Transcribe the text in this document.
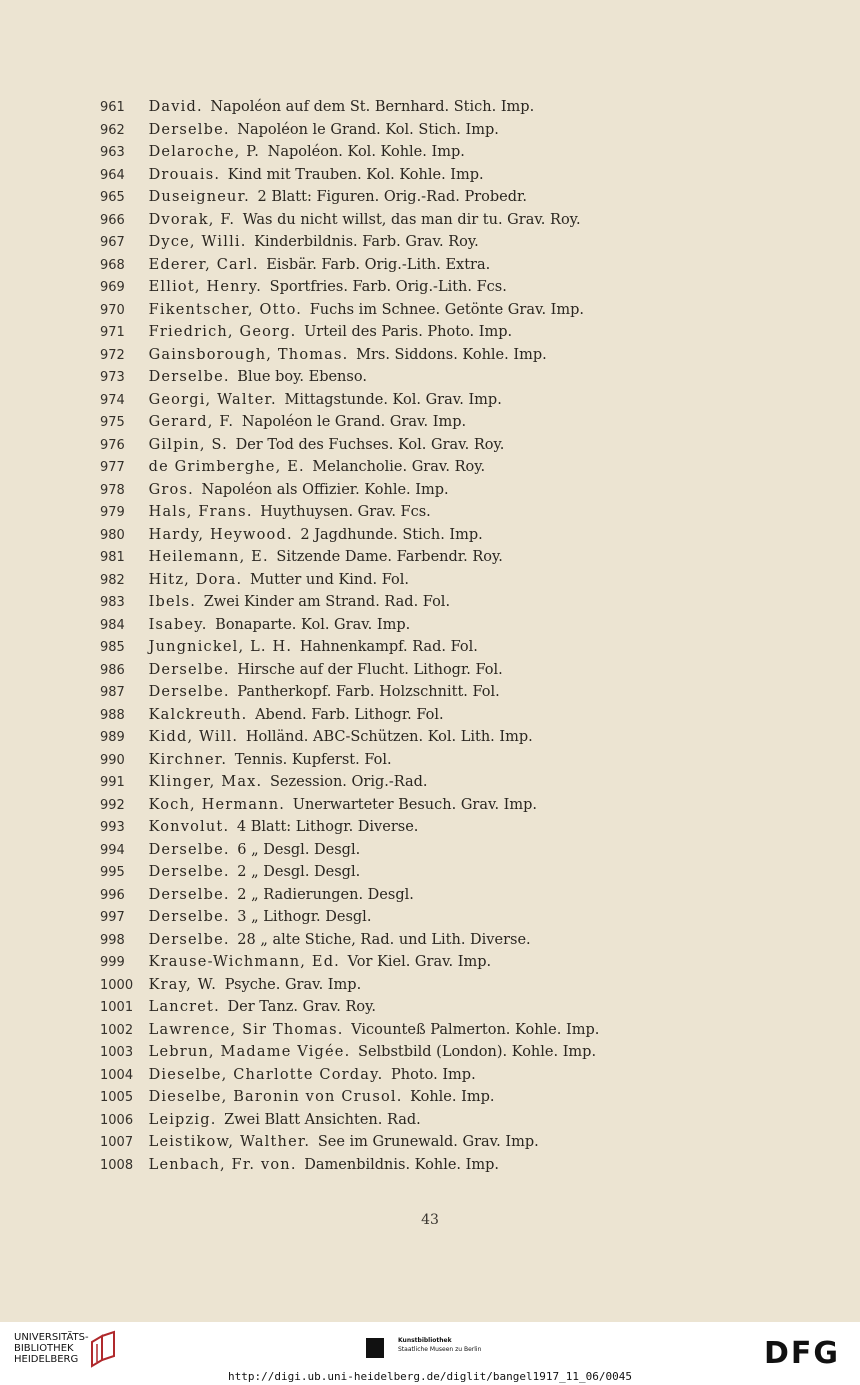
961 David. Napoléon auf dem St. Bernhard. Stich. Imp.
962 Derselbe. Napoléon le Grand. Kol. Stich. Imp.
963 Delaroche, P. Napoléon. Kol. Kohle. Imp.
964 Drouais. Kind mit Trauben. Kol. Kohle. Imp.
965 Duseigneur. 2 Blatt: Figuren. Orig.-Rad. Probedr.
966 Dvorak, F. Was du nicht willst, das man dir tu. Grav. Roy.
967 Dyce, Willi. Kinderbildnis. Farb. Grav. Roy.
968 Ederer, Carl. Eisbär. Farb. Orig.-Lith. Extra.
969 Elliot, Henry. Sportfries. Farb. Orig.-Lith. Fcs.
970 Fikentscher, Otto. Fuchs im Schnee. Getönte Grav. Imp.
971 Friedrich, Georg. Urteil des Paris. Photo. Imp.
972 Gainsborough, Thomas. Mrs. Siddons. Kohle. Imp.
973 Derselbe. Blue boy. Ebenso.
974 Georgi, Walter. Mittagstunde. Kol. Grav. Imp.
975 Gerard, F. Napoléon le Grand. Grav. Imp.
976 Gilpin, S. Der Tod des Fuchses. Kol. Grav. Roy.
977 de Grimberghe, E. Melancholie. Grav. Roy.
978 Gros. Napoléon als Offizier. Kohle. Imp.
979 Hals, Frans. Huythuysen. Grav. Fcs.
980 Hardy, Heywood. 2 Jagdhunde. Stich. Imp.
981 Heilemann, E. Sitzende Dame. Farbendr. Roy.
982 Hitz, Dora. Mutter und Kind. Fol.
983 Ibels. Zwei Kinder am Strand. Rad. Fol.
984 Isabey. Bonaparte. Kol. Grav. Imp.
985 Jungnickel, L. H. Hahnenkampf. Rad. Fol.
986 Derselbe. Hirsche auf der Flucht. Lithogr. Fol.
987 Derselbe. Pantherkopf. Farb. Holzschnitt. Fol.
988 Kalckreuth. Abend. Farb. Lithogr. Fol.
989 Kidd, Will. Holländ. ABC-Schützen. Kol. Lith. Imp.
990 Kirchner. Tennis. Kupferst. Fol.
991 Klinger, Max. Sezession. Orig.-Rad.
992 Koch, Hermann. Unerwarteter Besuch. Grav. Imp.
993 Konvolut. 4 Blatt: Lithogr. Diverse.
994 Derselbe. 6 „ Desgl. Desgl.
995 Derselbe. 2 „ Desgl. Desgl.
996 Derselbe. 2 „ Radierungen. Desgl.
997 Derselbe. 3 „ Lithogr. Desgl.
998 Derselbe. 28 „ alte Stiche, Rad. und Lith. Diverse.
999 Krause-Wichmann, Ed. Vor Kiel. Grav. Imp.
1000 Kray, W. Psyche. Grav. Imp.
1001 Lancret. Der Tanz. Grav. Roy.
1002 Lawrence, Sir Thomas. Vicounteß Palmerton. Kohle. Imp.
1003 Lebrun, Madame Vigée. Selbstbild (London). Kohle. Imp.
1004 Dieselbe, Charlotte Corday. Photo. Imp.
1005 Dieselbe, Baronin von Crusol. Kohle. Imp.
1006 Leipzig. Zwei Blatt Ansichten. Rad.
1007 Leistikow, Walther. See im Grunewald. Grav. Imp.
1008 Lenbach, Fr. von. Damenbildnis. Kohle. Imp.
43
UNIVERSITÄTS-
BIBLIOTHEK
HEIDELBERG
Kunstbibliothek
Staatliche Museen zu Berlin	DFG
http://digi.ub.uni-heidelberg.de/diglit/bangel1917_11_06/0045
